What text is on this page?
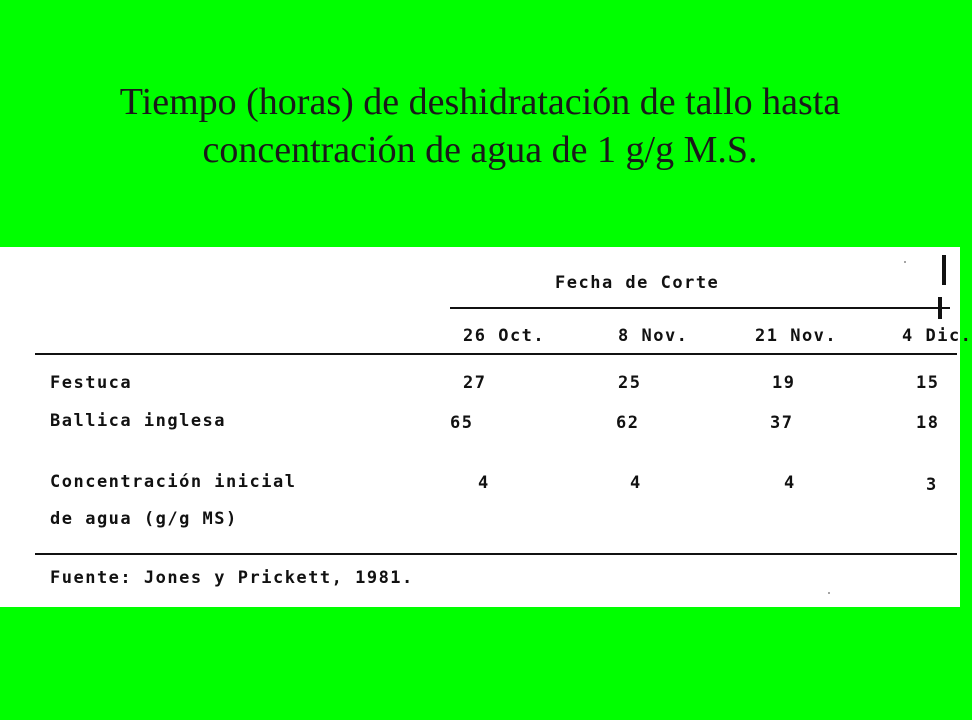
Tiempo (horas) de deshidratación de tallo hasta
concentración de agua de 1 g/g M.S.
Fecha de Corte
26 Oct.	8 Nov.	21 Nov.	4 Dic.
Festuca	27	25	19	15
Ballica inglesa	65	62	37	18
Concentración inicial
de agua (g/g MS)
4	4	4	3
Fuente: Jones y Prickett, 1981.
